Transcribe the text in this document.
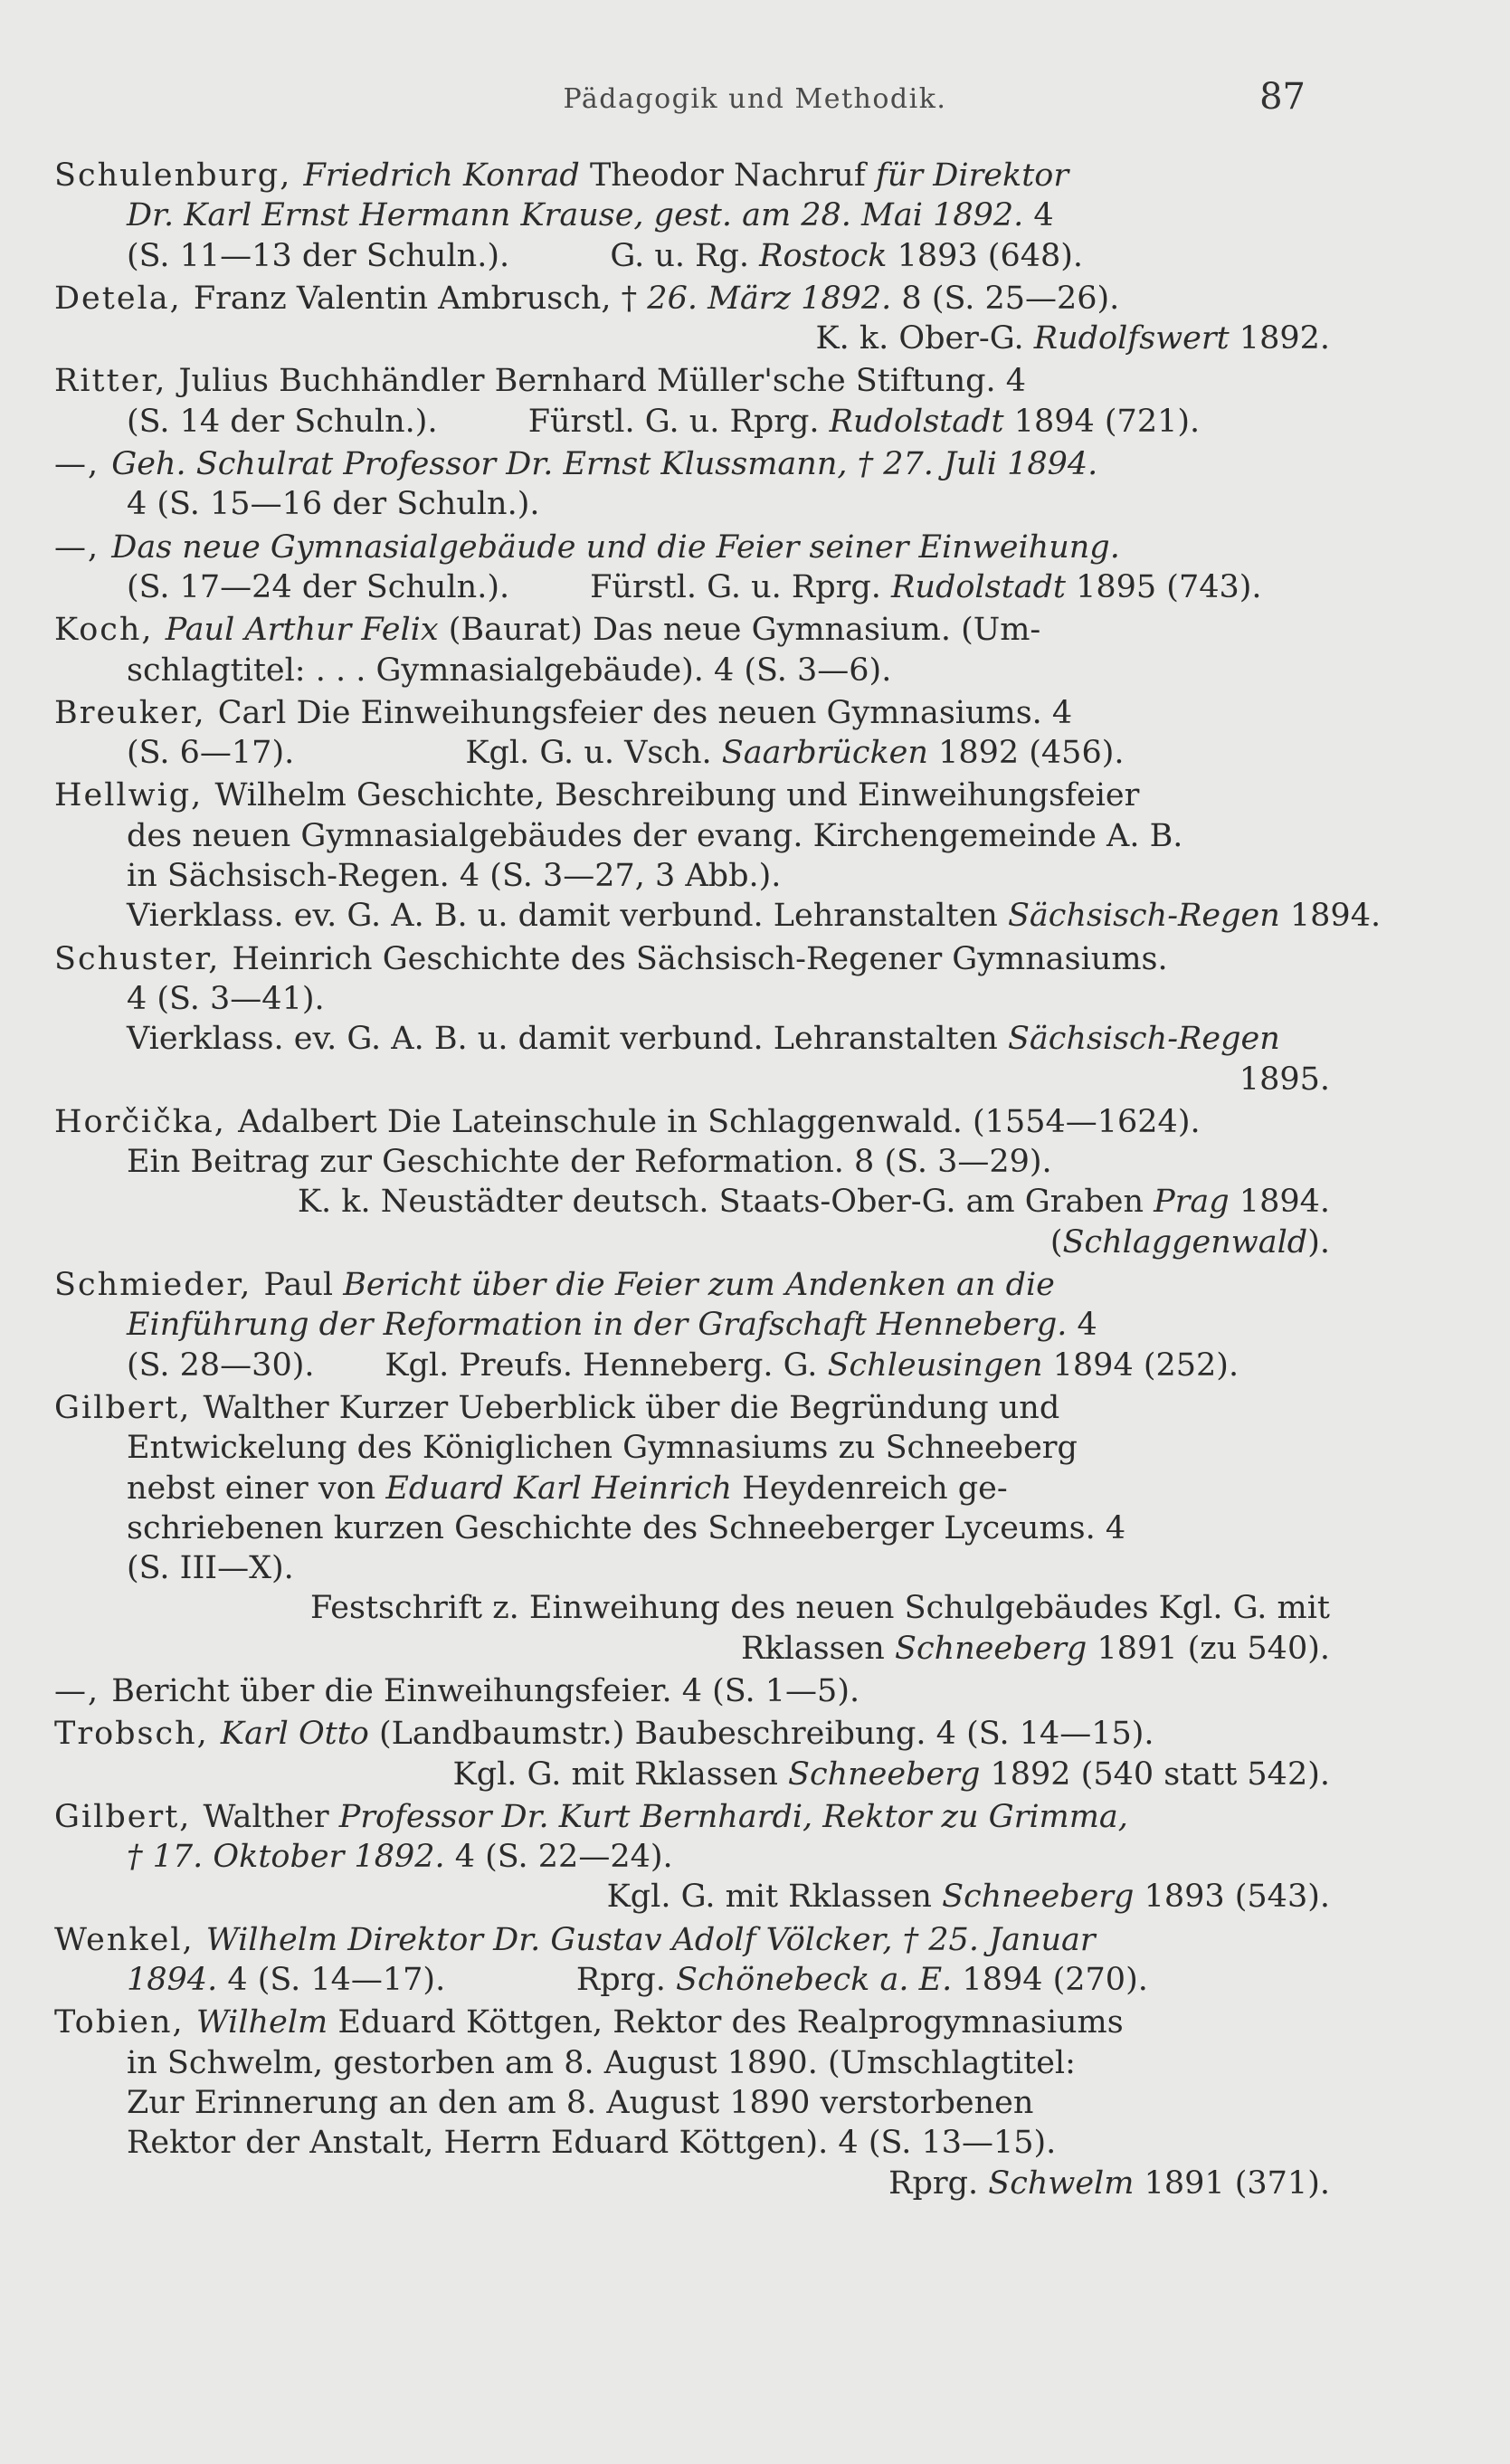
Pädagogik und Methodik.	87
Schulenburg, Friedrich Konrad Theodor Nachruf für Direktor
Dr. Karl Ernst Hermann Krause, gest. am 28. Mai 1892. 4
(S. 11—13 der Schuln.).          G. u. Rg. Rostock 1893 (648).
Detela, Franz Valentin Ambrusch, † 26. März 1892. 8 (S. 25—26).
K. k. Ober-G. Rudolfswert 1892.
Ritter, Julius Buchhändler Bernhard Müller'sche Stiftung. 4
(S. 14 der Schuln.).         Fürstl. G. u. Rprg. Rudolstadt 1894 (721).
—, Geh. Schulrat Professor Dr. Ernst Klussmann, † 27. Juli 1894.
4 (S. 15—16 der Schuln.).
—, Das neue Gymnasialgebäude und die Feier seiner Einweihung.
(S. 17—24 der Schuln.).        Fürstl. G. u. Rprg. Rudolstadt 1895 (743).
Koch, Paul Arthur Felix (Baurat) Das neue Gymnasium. (Um-
schlagtitel: . . . Gymnasialgebäude). 4 (S. 3—6).
Breuker, Carl Die Einweihungsfeier des neuen Gymnasiums. 4
(S. 6—17).                 Kgl. G. u. Vsch. Saarbrücken 1892 (456).
Hellwig, Wilhelm Geschichte, Beschreibung und Einweihungsfeier
des neuen Gymnasialgebäudes der evang. Kirchengemeinde A. B.
in Sächsisch-Regen. 4 (S. 3—27, 3 Abb.).
Vierklass. ev. G. A. B. u. damit verbund. Lehranstalten Sächsisch-Regen 1894.
Schuster, Heinrich Geschichte des Sächsisch-Regener Gymnasiums.
4 (S. 3—41).
Vierklass. ev. G. A. B. u. damit verbund. Lehranstalten Sächsisch-Regen
1895.
Horčička, Adalbert Die Lateinschule in Schlaggenwald. (1554—1624).
Ein Beitrag zur Geschichte der Reformation. 8 (S. 3—29).
K. k. Neustädter deutsch. Staats-Ober-G. am Graben Prag 1894.
(Schlaggenwald).
Schmieder, Paul Bericht über die Feier zum Andenken an die
Einführung der Reformation in der Grafschaft Henneberg. 4
(S. 28—30).       Kgl. Preufs. Henneberg. G. Schleusingen 1894 (252).
Gilbert, Walther Kurzer Ueberblick über die Begründung und
Entwickelung des Königlichen Gymnasiums zu Schneeberg
nebst einer von Eduard Karl Heinrich Heydenreich ge-
schriebenen kurzen Geschichte des Schneeberger Lyceums. 4
(S. III—X).
Festschrift z. Einweihung des neuen Schulgebäudes Kgl. G. mit
Rklassen Schneeberg 1891 (zu 540).
—, Bericht über die Einweihungsfeier. 4 (S. 1—5).
Trobsch, Karl Otto (Landbaumstr.) Baubeschreibung. 4 (S. 14—15).
Kgl. G. mit Rklassen Schneeberg 1892 (540 statt 542).
Gilbert, Walther Professor Dr. Kurt Bernhardi, Rektor zu Grimma,
† 17. Oktober 1892. 4 (S. 22—24).
Kgl. G. mit Rklassen Schneeberg 1893 (543).
Wenkel, Wilhelm Direktor Dr. Gustav Adolf Völcker, † 25. Januar
1894. 4 (S. 14—17).             Rprg. Schönebeck a. E. 1894 (270).
Tobien, Wilhelm Eduard Köttgen, Rektor des Realprogymnasiums
in Schwelm, gestorben am 8. August 1890. (Umschlagtitel:
Zur Erinnerung an den am 8. August 1890 verstorbenen
Rektor der Anstalt, Herrn Eduard Köttgen). 4 (S. 13—15).
Rprg. Schwelm 1891 (371).
